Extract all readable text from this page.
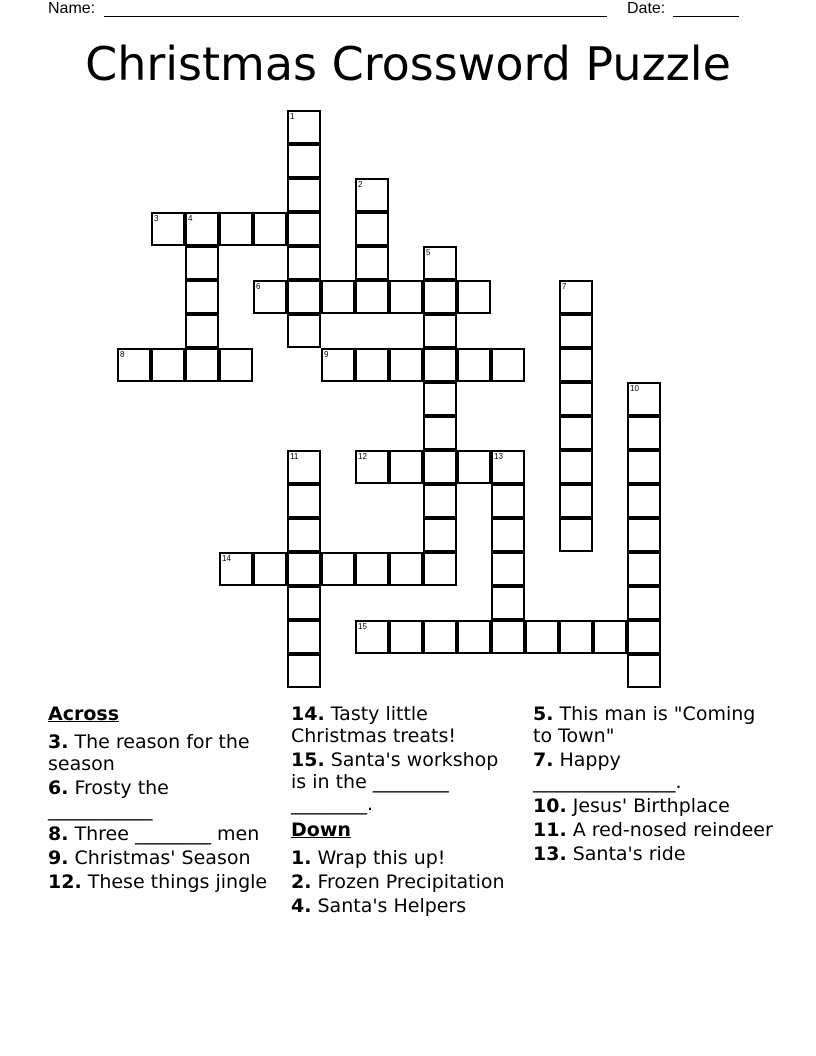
Name:	Date:
Christmas Crossword Puzzle
1
2
3	4
5
6	7
8	9
10
11	12	13
14
15
Across
3. The reason for the season
6. Frosty the ___________
8. Three ________ men
9. Christmas' Season
12. These things jingle
14. Tasty little Christmas treats!
15. Santa's workshop is in the ________ ________.
Down
1. Wrap this up!
2. Frozen Precipitation
4. Santa's Helpers
5. This man is "Coming to Town"
7. Happy _______________.
10. Jesus' Birthplace
11. A red-nosed reindeer
13. Santa's ride
